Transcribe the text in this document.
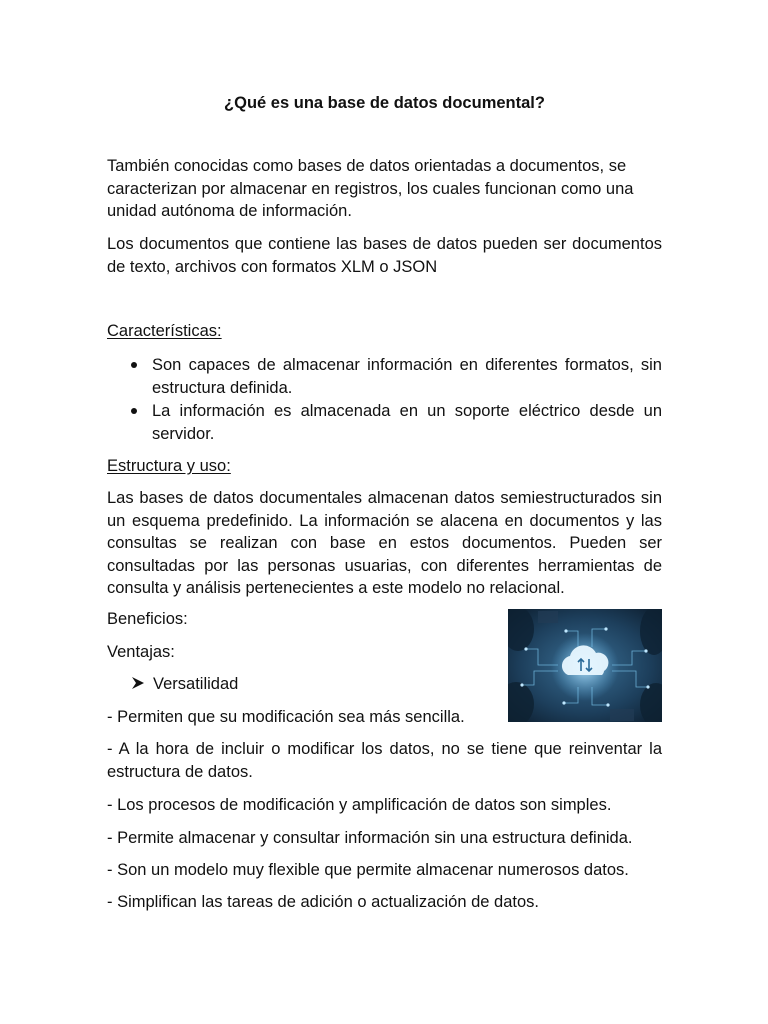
¿Qué es una base de datos documental?
También conocidas como bases de datos orientadas a documentos, se caracterizan por almacenar en registros, los cuales funcionan como una unidad autónoma de información.
Los documentos que contiene las bases de datos pueden ser documentos de texto, archivos con formatos XLM o JSON
Características:
Son capaces de almacenar información en diferentes formatos, sin estructura definida.
La información es almacenada en un soporte eléctrico desde un servidor.
Estructura y uso:
Las bases de datos documentales almacenan datos semiestructurados sin un esquema predefinido. La información se alacena en documentos y las consultas se realizan con base en estos documentos. Pueden ser consultadas por las personas usuarias, con diferentes herramientas de consulta y análisis pertenecientes a este modelo no relacional.
Beneficios:
Ventajas:
Versatilidad
- Permiten que su modificación sea más sencilla.
- A la hora de incluir o modificar los datos, no se tiene que reinventar la estructura de datos.
- Los procesos de modificación y amplificación de datos son simples.
- Permite almacenar y consultar información sin una estructura definida.
- Son un modelo muy flexible que permite almacenar numerosos datos.
- Simplifican las tareas de adición o actualización de datos.
